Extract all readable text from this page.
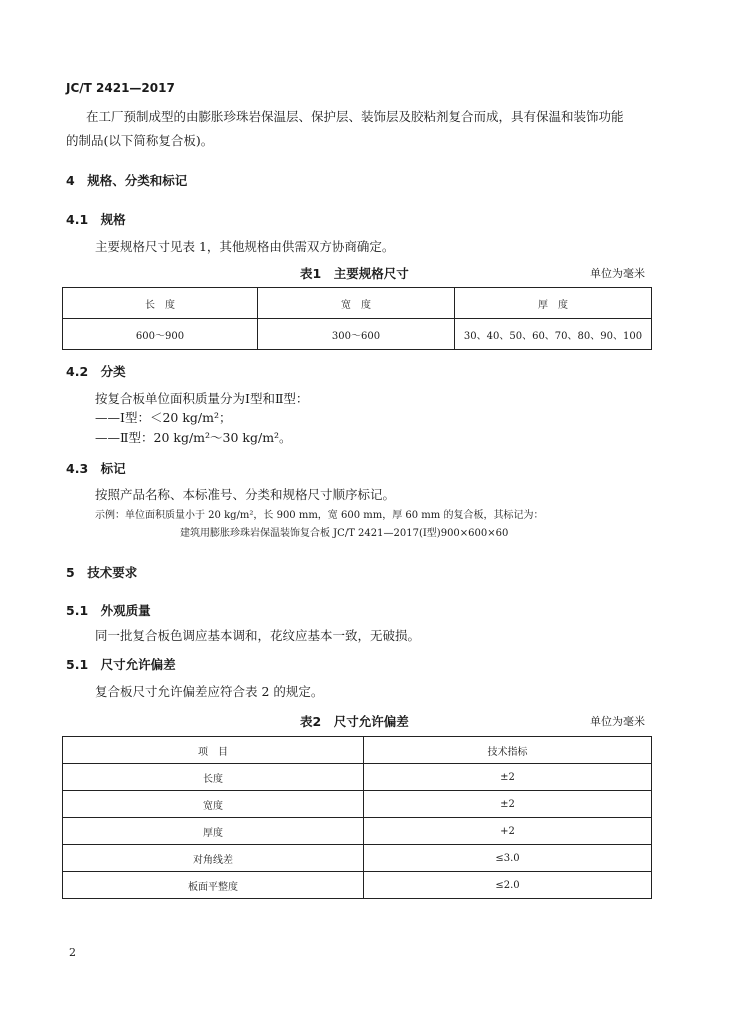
JC/T 2421—2017
在工厂预制成型的由膨胀珍珠岩保温层、保护层、装饰层及胶粘剂复合而成，具有保温和装饰功能
的制品(以下简称复合板)。
4　规格、分类和标记
4.1　规格
主要规格尺寸见表 1，其他规格由供需双方协商确定。
表1　主要规格尺寸	单位为毫米
长　度	宽　度	厚　度
600～900	300～600	30、40、50、60、70、80、90、100
4.2　分类
按复合板单位面积质量分为Ⅰ型和Ⅱ型：
——Ⅰ型：＜20 kg/m²；
——Ⅱ型：20 kg/m²～30 kg/m²。
4.3　标记
按照产品名称、本标准号、分类和规格尺寸顺序标记。
示例：单位面积质量小于 20 kg/m²，长 900 mm，宽 600 mm，厚 60 mm 的复合板，其标记为：
建筑用膨胀珍珠岩保温装饰复合板 JC/T 2421—2017(Ⅰ型)900×600×60
5　技术要求
5.1　外观质量
同一批复合板色调应基本调和，花纹应基本一致，无破损。
5.1　尺寸允许偏差
复合板尺寸允许偏差应符合表 2 的规定。
表2　尺寸允许偏差	单位为毫米
项　目	技术指标
长度	±2
宽度	±2
厚度	+2
对角线差	≤3.0
板面平整度	≤2.0
2
